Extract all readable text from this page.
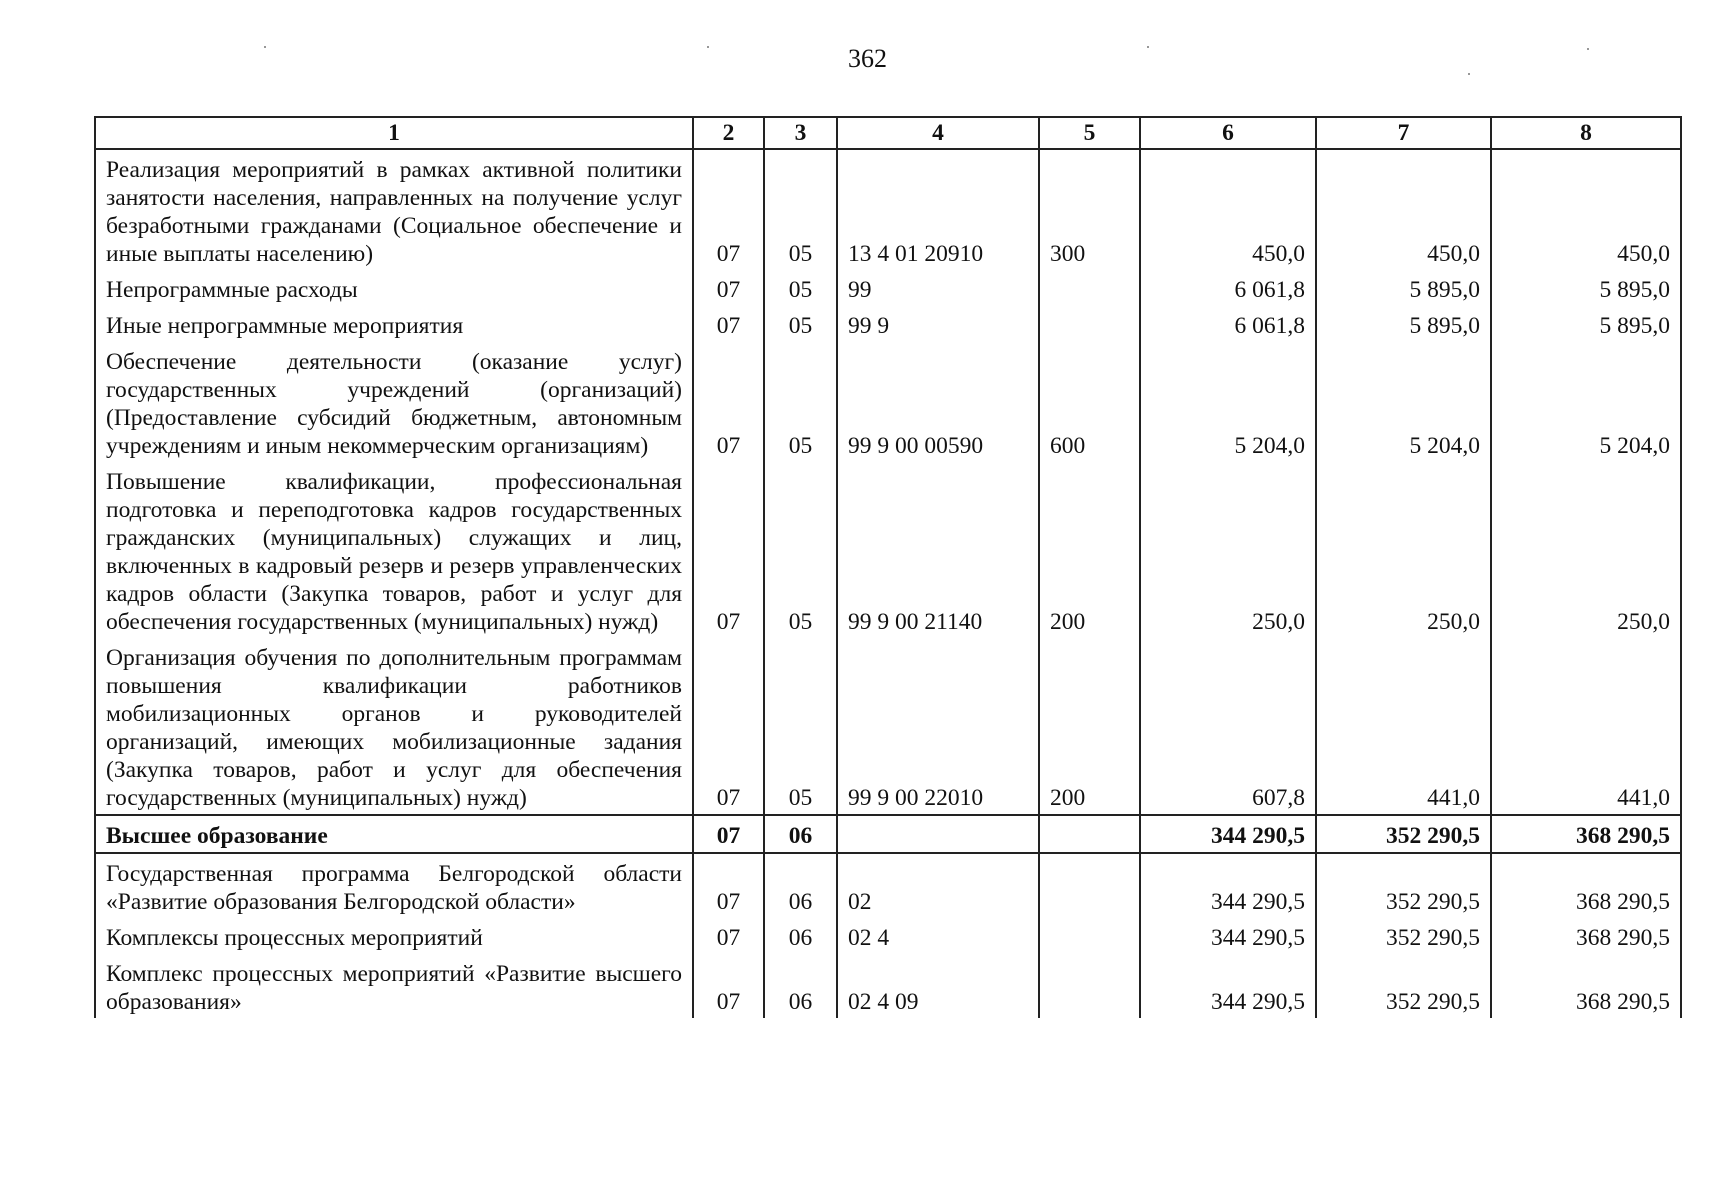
362
1	2	3	4	5	6	7	8
Реализация мероприятий в рамках активной политики занятости населения, направленных на получение услуг безработными гражданами (Социальное обеспечение и иные выплаты населению)	07	05	13 4 01 20910	300	450,0	450,0	450,0
Непрограммные расходы	07	05	99		6 061,8	5 895,0	5 895,0
Иные непрограммные мероприятия	07	05	99 9		6 061,8	5 895,0	5 895,0
Обеспечение деятельности (оказание услуг) государственных учреждений (организаций) (Предоставление субсидий бюджетным, автономным учреждениям и иным некоммерческим организациям)	07	05	99 9 00 00590	600	5 204,0	5 204,0	5 204,0
Повышение квалификации, профессиональная подготовка и переподготовка кадров государственных гражданских (муниципальных) служащих и лиц, включенных в кадровый резерв и резерв управленческих кадров области (Закупка товаров, работ и услуг для обеспечения государственных (муниципальных) нужд)	07	05	99 9 00 21140	200	250,0	250,0	250,0
Организация обучения по дополнительным программам повышения квалификации работников мобилизационных органов и руководителей организаций, имеющих мобилизационные задания (Закупка товаров, работ и услуг для обеспечения государственных (муниципальных) нужд)	07	05	99 9 00 22010	200	607,8	441,0	441,0
Высшее образование	07	06			344 290,5	352 290,5	368 290,5
Государственная программа Белгородской области «Развитие образования Белгородской области»	07	06	02		344 290,5	352 290,5	368 290,5
Комплексы процессных мероприятий	07	06	02 4		344 290,5	352 290,5	368 290,5
Комплекс процессных мероприятий «Развитие высшего образования»	07	06	02 4 09		344 290,5	352 290,5	368 290,5
